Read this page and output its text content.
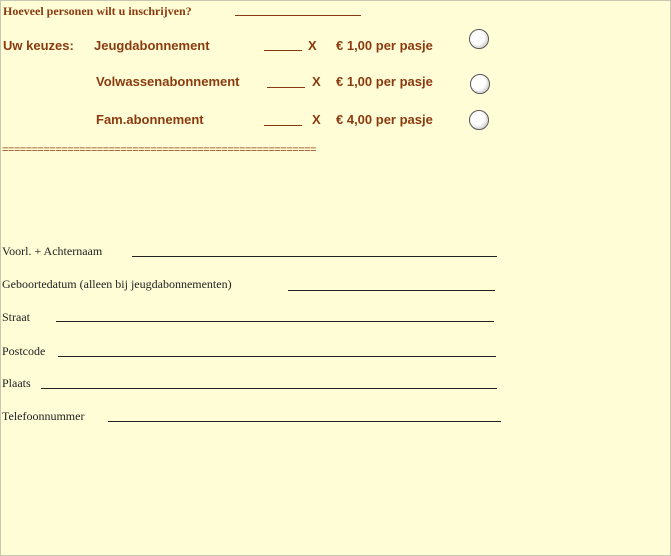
Hoeveel personen wilt u inschrijven?
Uw keuzes: Jeugdabonnement	X € 1,00 per pasje
Volwassenabonnement	X € 1,00 per pasje
Fam.abonnement	X € 4,00 per pasje
=====================================================
Voorl. + Achternaam
Geboortedatum (alleen bij jeugdabonnementen)
Straat
Postcode
Plaats
Telefoonnummer
